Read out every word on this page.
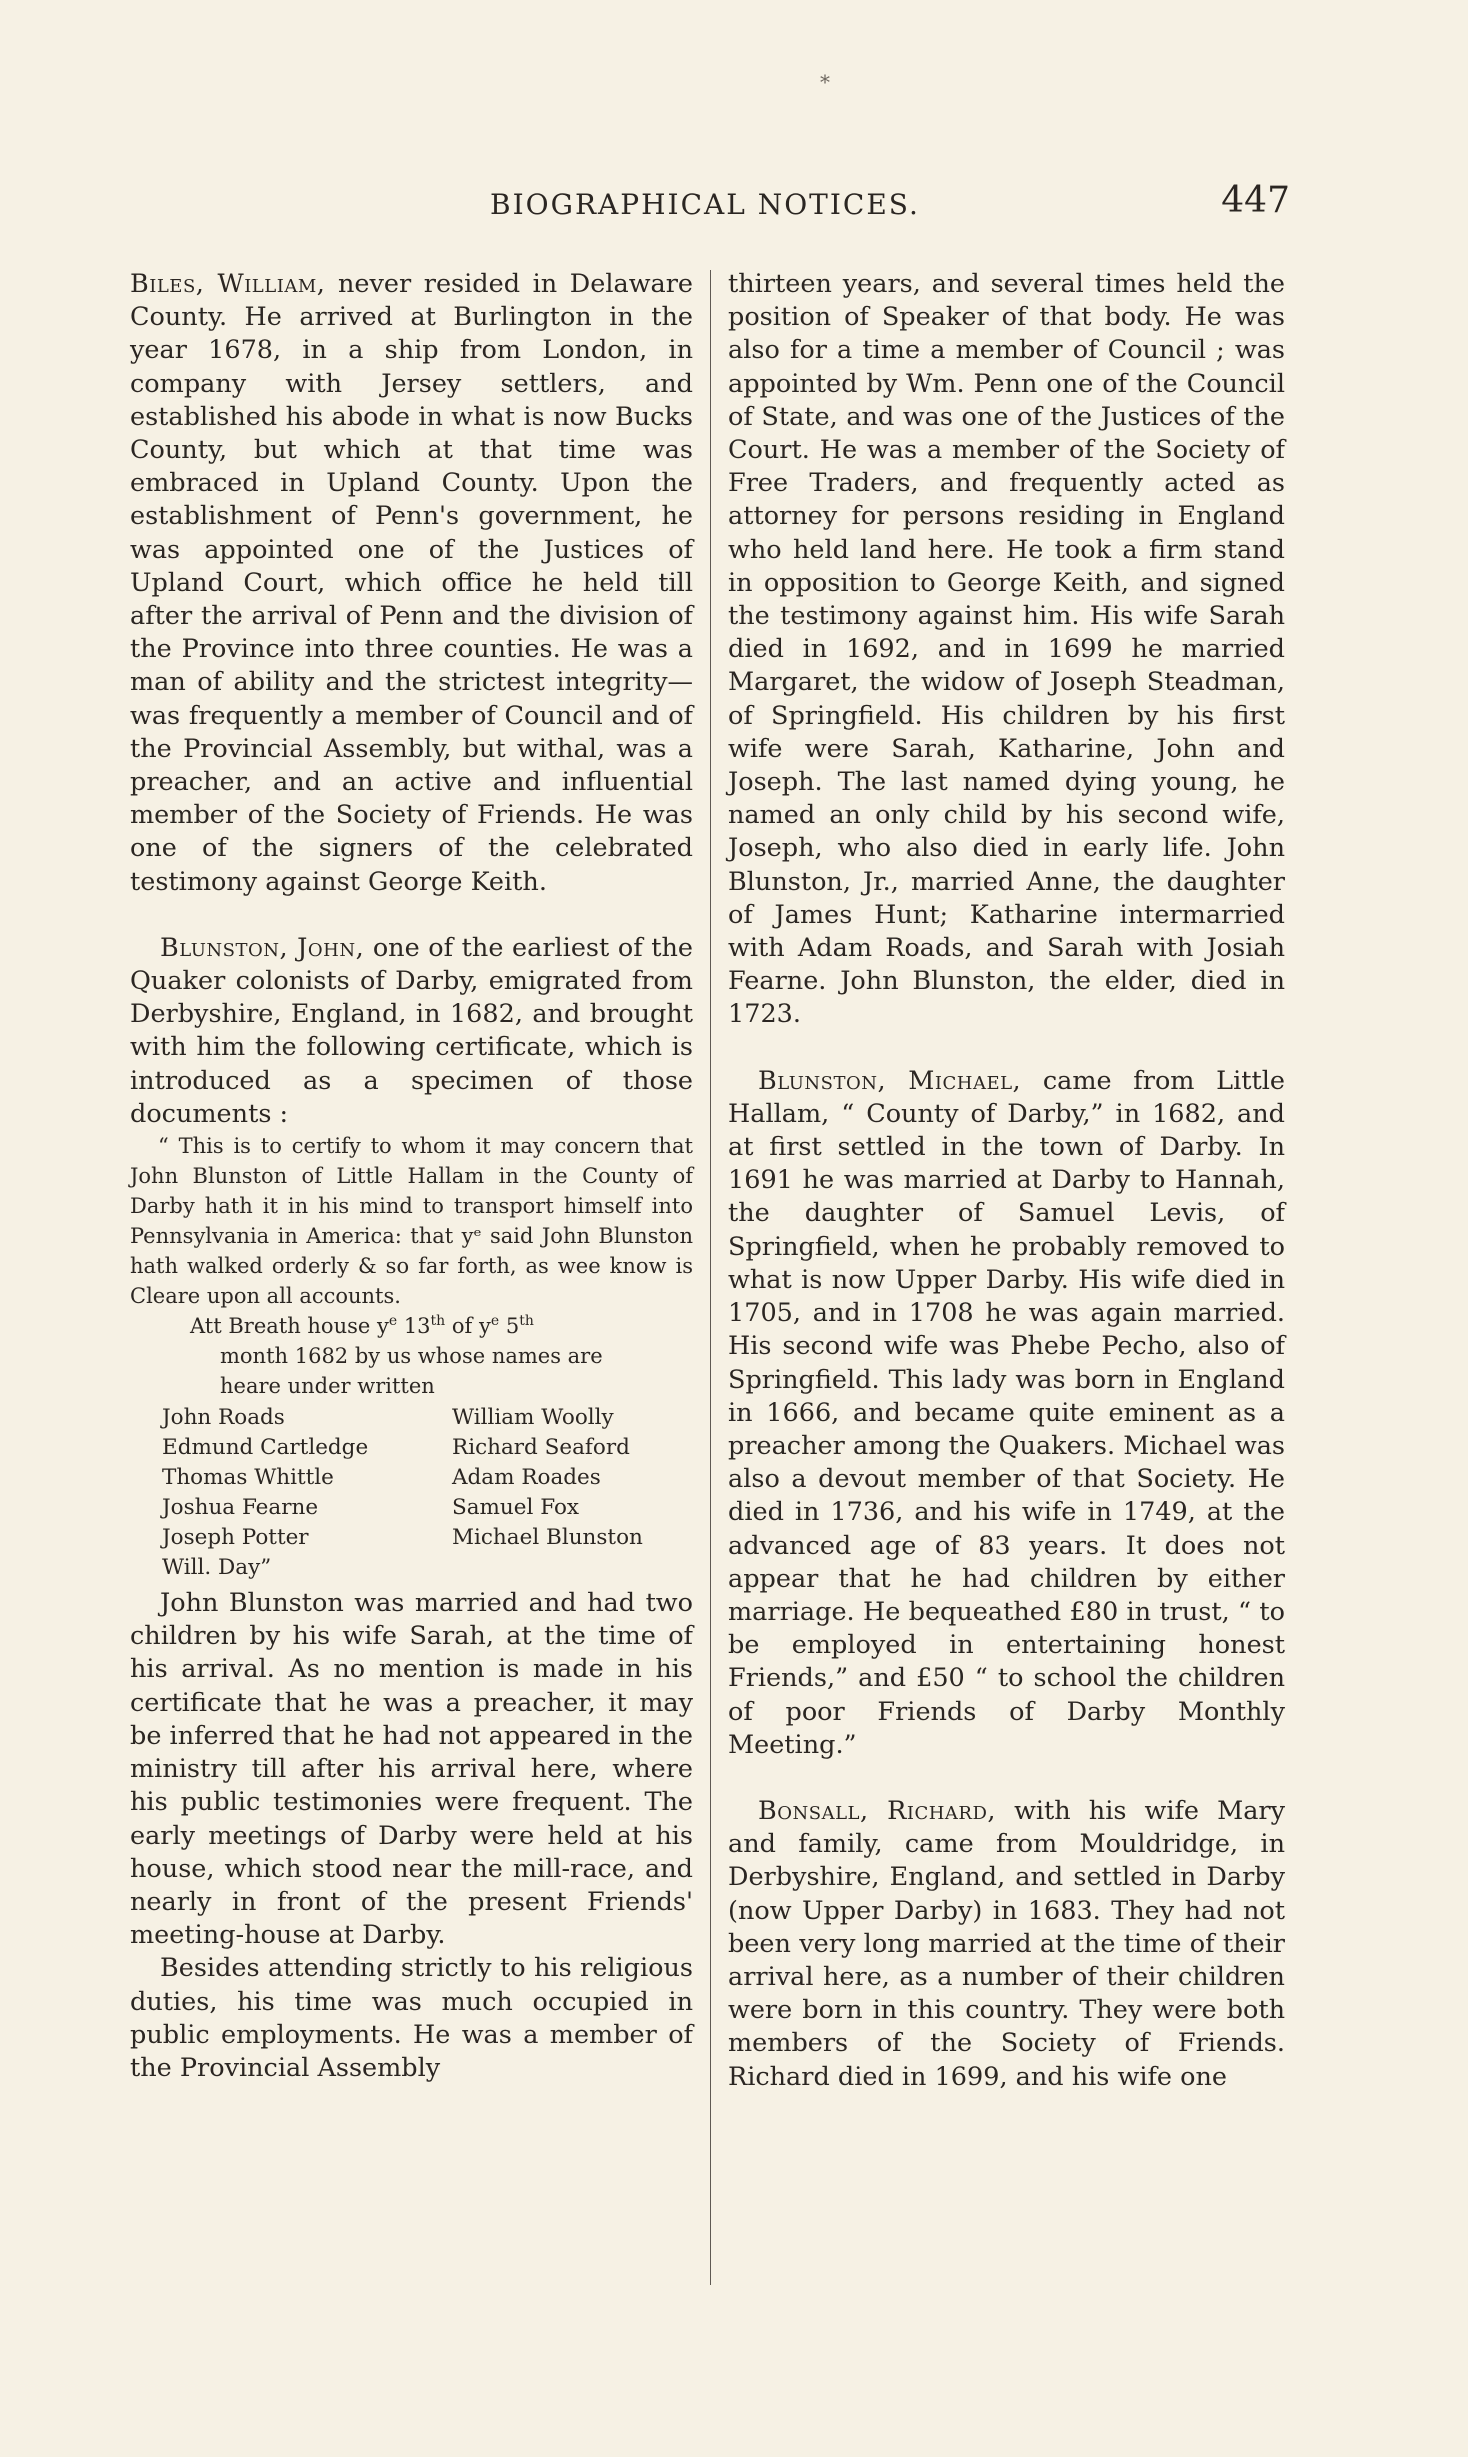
*
BIOGRAPHICAL NOTICES.	447

Biles, William, never resided in Delaware County. He arrived at Burlington in the year 1678, in a ship from London, in company with Jersey settlers, and established his abode in what is now Bucks County, but which at that time was embraced in Upland County. Upon the establishment of Penn's government, he was appointed one of the Justices of Upland Court, which office he held till after the arrival of Penn and the division of the Province into three counties. He was a man of ability and the strictest integrity—was frequently a member of Council and of the Provincial Assembly, but withal, was a preacher, and an active and influential member of the Society of Friends. He was one of the signers of the celebrated testimony against George Keith.

Blunston, John, one of the earliest of the Quaker colonists of Darby, emigrated from Derbyshire, England, in 1682, and brought with him the following certificate, which is introduced as a specimen of those documents :

“ This is to certify to whom it may concern that John Blunston of Little Hallam in the County of Darby hath it in his mind to transport himself into Pennsylvania in America: that yᵉ said John Blunston hath walked orderly & so far forth, as wee know is Cleare upon all accounts.

Att Breath house $y^e$ 13th of $y^e$ 5th

month 1682 by us whose names are

heare under written

John Roads	William Woolly
Edmund Cartledge	Richard Seaford
Thomas Whittle	Adam Roades
Joshua Fearne	Samuel Fox
Joseph Potter	Michael Blunston

Will. Day”

John Blunston was married and had two children by his wife Sarah, at the time of his arrival. As no mention is made in his certificate that he was a preacher, it may be inferred that he had not appeared in the ministry till after his arrival here, where his public testimonies were frequent. The early meetings of Darby were held at his house, which stood near the mill-race, and nearly in front of the present Friends' meeting-house at Darby.

Besides attending strictly to his religious duties, his time was much occupied in public employments. He was a member of the Provincial Assembly

thirteen years, and several times held the position of Speaker of that body. He was also for a time a member of Council ; was appointed by Wm. Penn one of the Council of State, and was one of the Justices of the Court. He was a member of the Society of Free Traders, and frequently acted as attorney for persons residing in England who held land here. He took a firm stand in opposition to George Keith, and signed the testimony against him. His wife Sarah died in 1692, and in 1699 he married Margaret, the widow of Joseph Steadman, of Springfield. His children by his first wife were Sarah, Katharine, John and Joseph. The last named dying young, he named an only child by his second wife, Joseph, who also died in early life. John Blunston, Jr., married Anne, the daughter of James Hunt; Katharine intermarried with Adam Roads, and Sarah with Josiah Fearne. John Blunston, the elder, died in 1723.

Blunston, Michael, came from Little Hallam, “ County of Darby,” in 1682, and at first settled in the town of Darby. In 1691 he was married at Darby to Hannah, the daughter of Samuel Levis, of Springfield, when he probably removed to what is now Upper Darby. His wife died in 1705, and in 1708 he was again married. His second wife was Phebe Pecho, also of Springfield. This lady was born in England in 1666, and became quite eminent as a preacher among the Quakers. Michael was also a devout member of that Society. He died in 1736, and his wife in 1749, at the advanced age of 83 years. It does not appear that he had children by either marriage. He bequeathed £80 in trust, “ to be employed in entertaining honest Friends,” and £50 “ to school the children of poor Friends of Darby Monthly Meeting.”

Bonsall, Richard, with his wife Mary and family, came from Mouldridge, in Derbyshire, England, and settled in Darby (now Upper Darby) in 1683. They had not been very long married at the time of their arrival here, as a number of their children were born in this country. They were both members of the Society of Friends. Richard died in 1699, and his wife one
